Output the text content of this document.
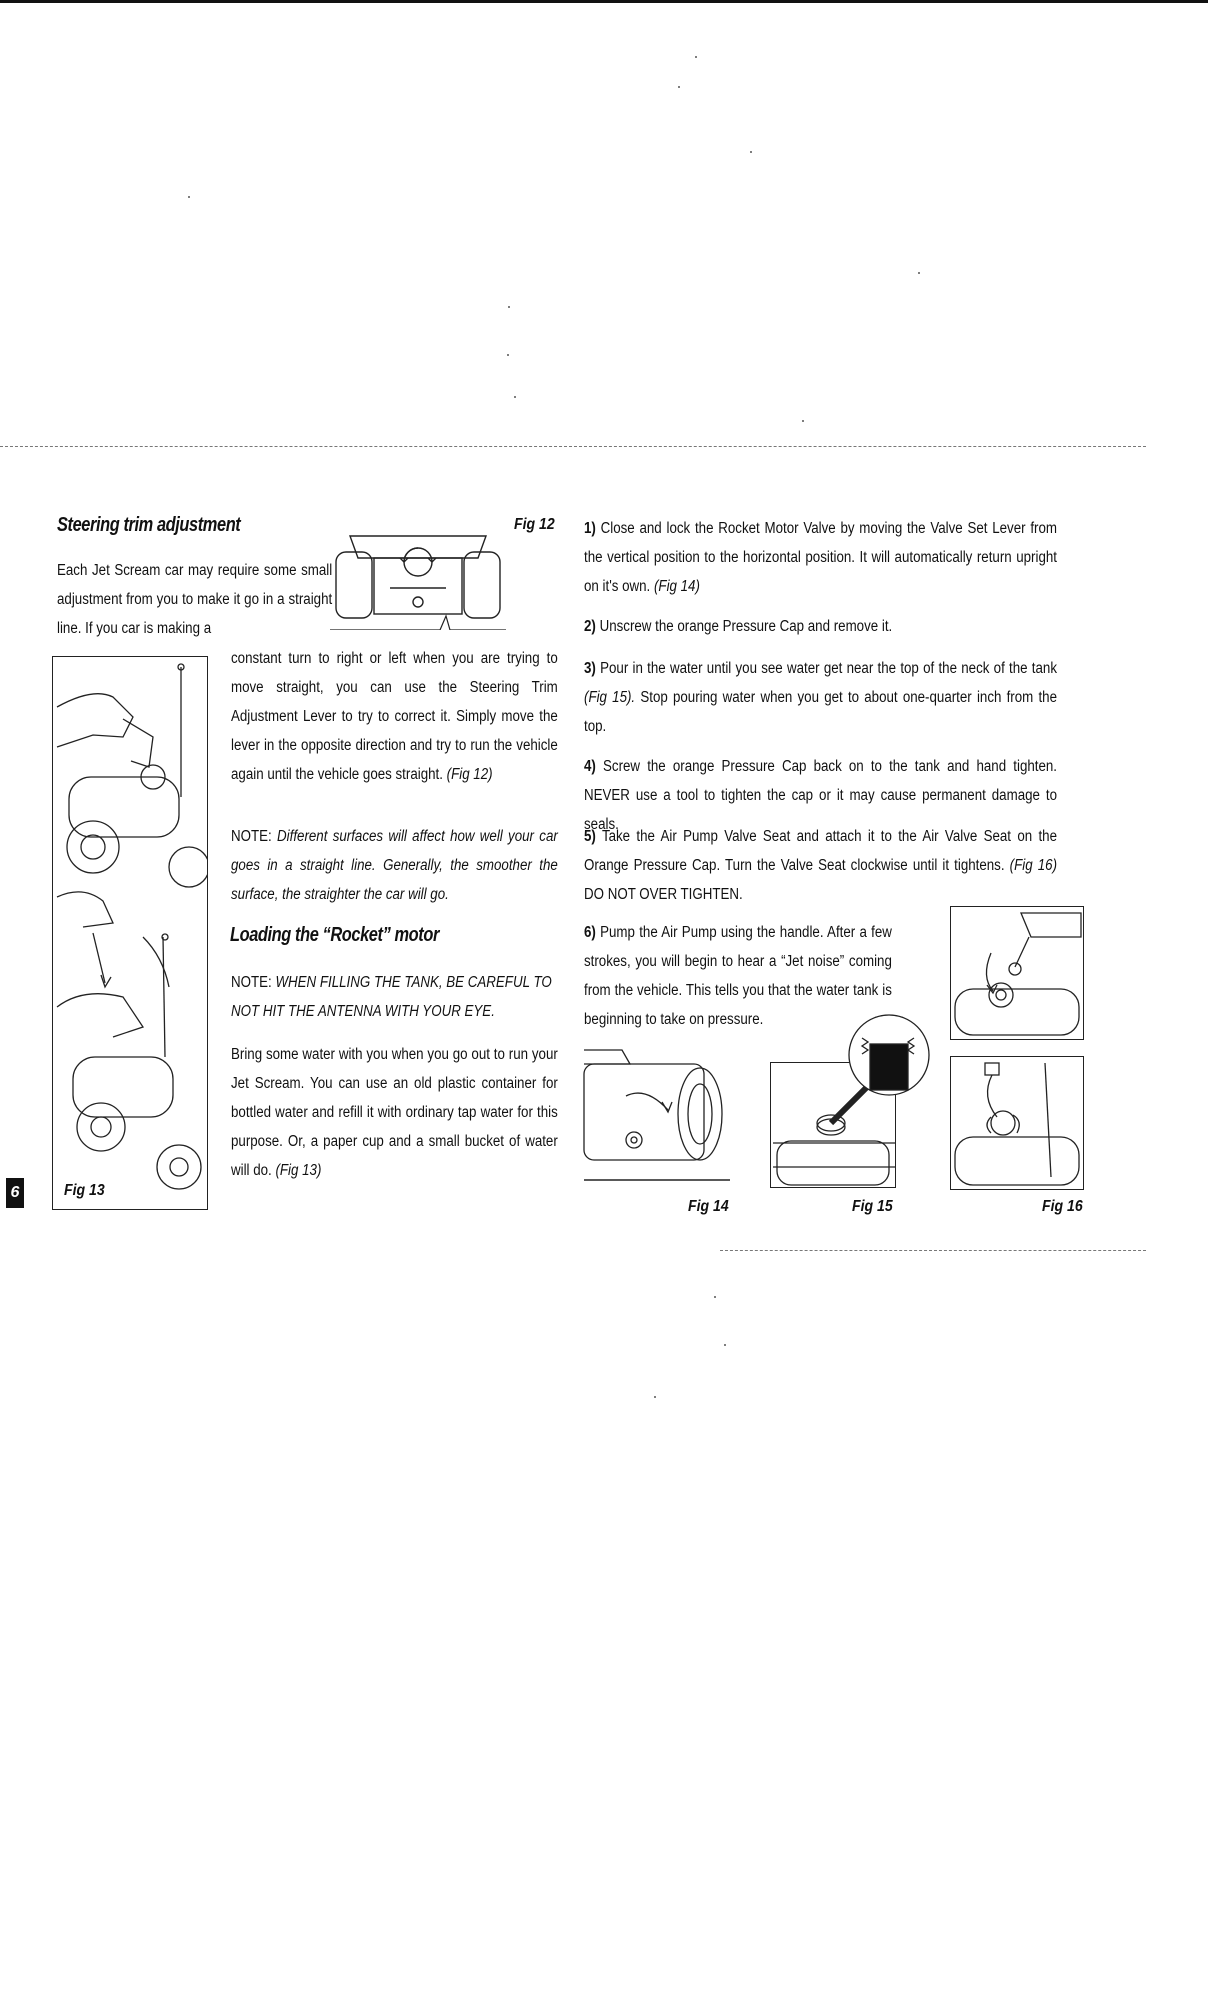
6
Steering trim adjustment	Fig 12
Each Jet Scream car may require some small adjustment from you to make it go in a straight line. If you car is making a
Fig 13
constant turn to right or left when you are trying to move straight, you can use the Steering Trim Adjustment Lever to try to correct it. Simply move the lever in the opposite direction and try to run the vehicle again until the vehicle goes straight. (Fig 12)
NOTE: Different surfaces will affect how well your car goes in a straight line. Generally, the smoother the surface, the straighter the car will go.
Loading the “Rocket” motor
NOTE: WHEN FILLING THE TANK, BE CAREFUL TO NOT HIT THE ANTENNA WITH YOUR EYE.
Bring some water with you when you go out to run your Jet Scream. You can use an old plastic container for bottled water and refill it with ordinary tap water for this purpose. Or, a paper cup and a small bucket of water will do. (Fig 13)
1) Close and lock the Rocket Motor Valve by moving the Valve Set Lever from the vertical position to the horizontal position. It will automatically return upright on it's own. (Fig 14)
2) Unscrew the orange Pressure Cap and remove it.
3) Pour in the water until you see water get near the top of the neck of the tank (Fig 15). Stop pouring water when you get to about one-quarter inch from the top.
4) Screw the orange Pressure Cap back on to the tank and hand tighten. NEVER use a tool to tighten the cap or it may cause permanent damage to seals.
5) Take the Air Pump Valve Seat and attach it to the Air Valve Seat on the Orange Pressure Cap. Turn the Valve Seat clockwise until it tightens. (Fig 16) DO NOT OVER TIGHTEN.
6) Pump the Air Pump using the handle. After a few strokes, you will begin to hear a “Jet noise” coming from the vehicle. This tells you that the water tank is beginning to take on pressure.
Fig 14	Fig 15	Fig 16
